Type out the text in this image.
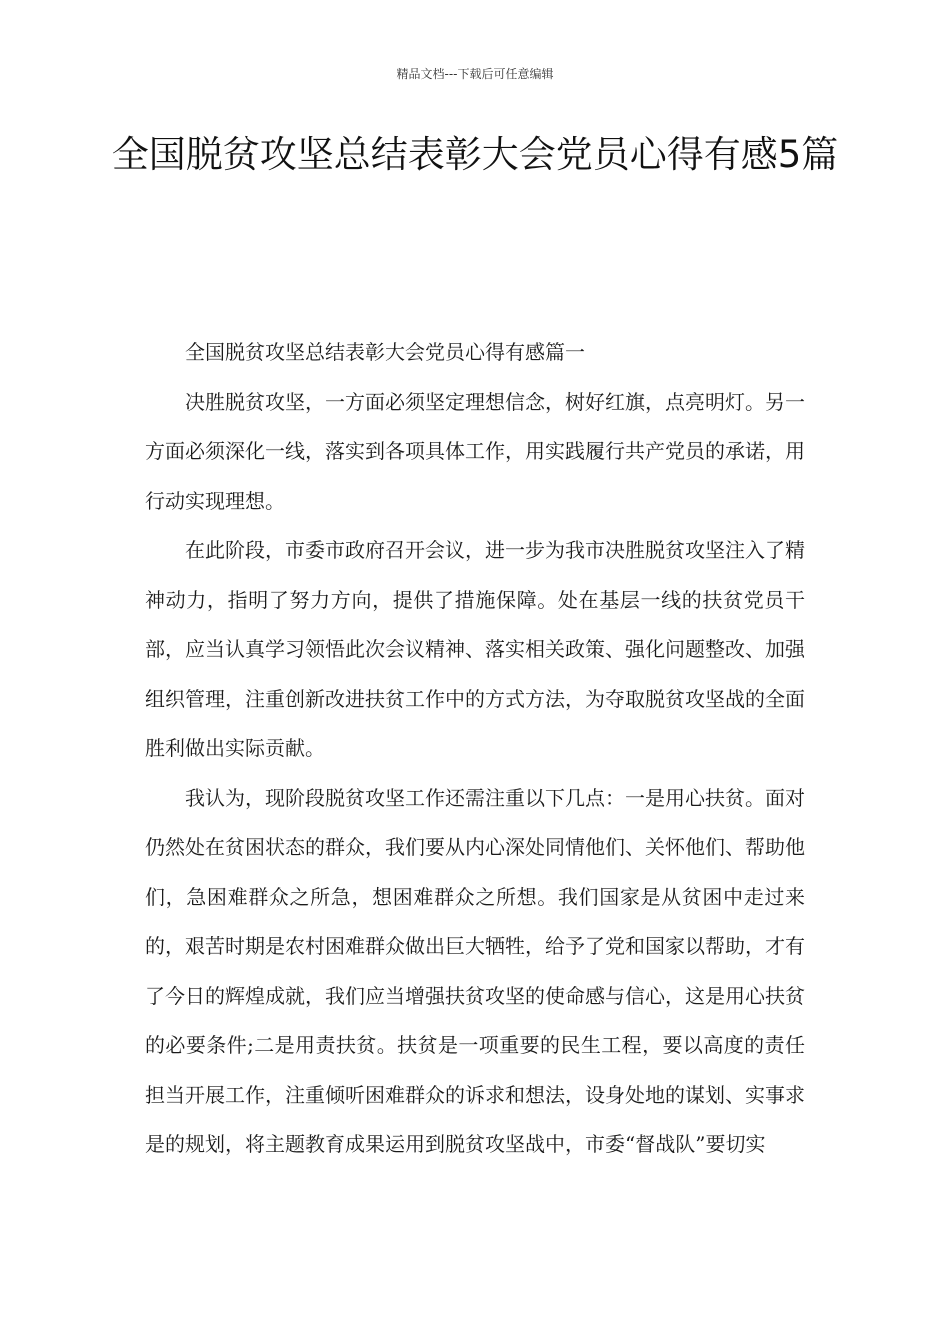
精品文档---下载后可任意编辑
全国脱贫攻坚总结表彰大会党员心得有感5篇

全国脱贫攻坚总结表彰大会党员心得有感篇一

决胜脱贫攻坚，一方面必须坚定理想信念，树好红旗，点亮明灯。另一方面必须深化一线，落实到各项具体工作，用实践履行共产党员的承诺，用行动实现理想。

在此阶段，市委市政府召开会议，进一步为我市决胜脱贫攻坚注入了精神动力，指明了努力方向，提供了措施保障。处在基层一线的扶贫党员干部，应当认真学习领悟此次会议精神、落实相关政策、强化问题整改、加强组织管理，注重创新改进扶贫工作中的方式方法，为夺取脱贫攻坚战的全面胜利做出实际贡献。

我认为，现阶段脱贫攻坚工作还需注重以下几点：一是用心扶贫。面对仍然处在贫困状态的群众，我们要从内心深处同情他们、关怀他们、帮助他们，急困难群众之所急，想困难群众之所想。我们国家是从贫困中走过来的，艰苦时期是农村困难群众做出巨大牺牲，给予了党和国家以帮助，才有了今日的辉煌成就，我们应当增强扶贫攻坚的使命感与信心，这是用心扶贫的必要条件;二是用责扶贫。扶贫是一项重要的民生工程，要以高度的责任担当开展工作，注重倾听困难群众的诉求和想法，设身处地的谋划、实事求是的规划，将主题教育成果运用到脱贫攻坚战中，市委“督战队”要切实
